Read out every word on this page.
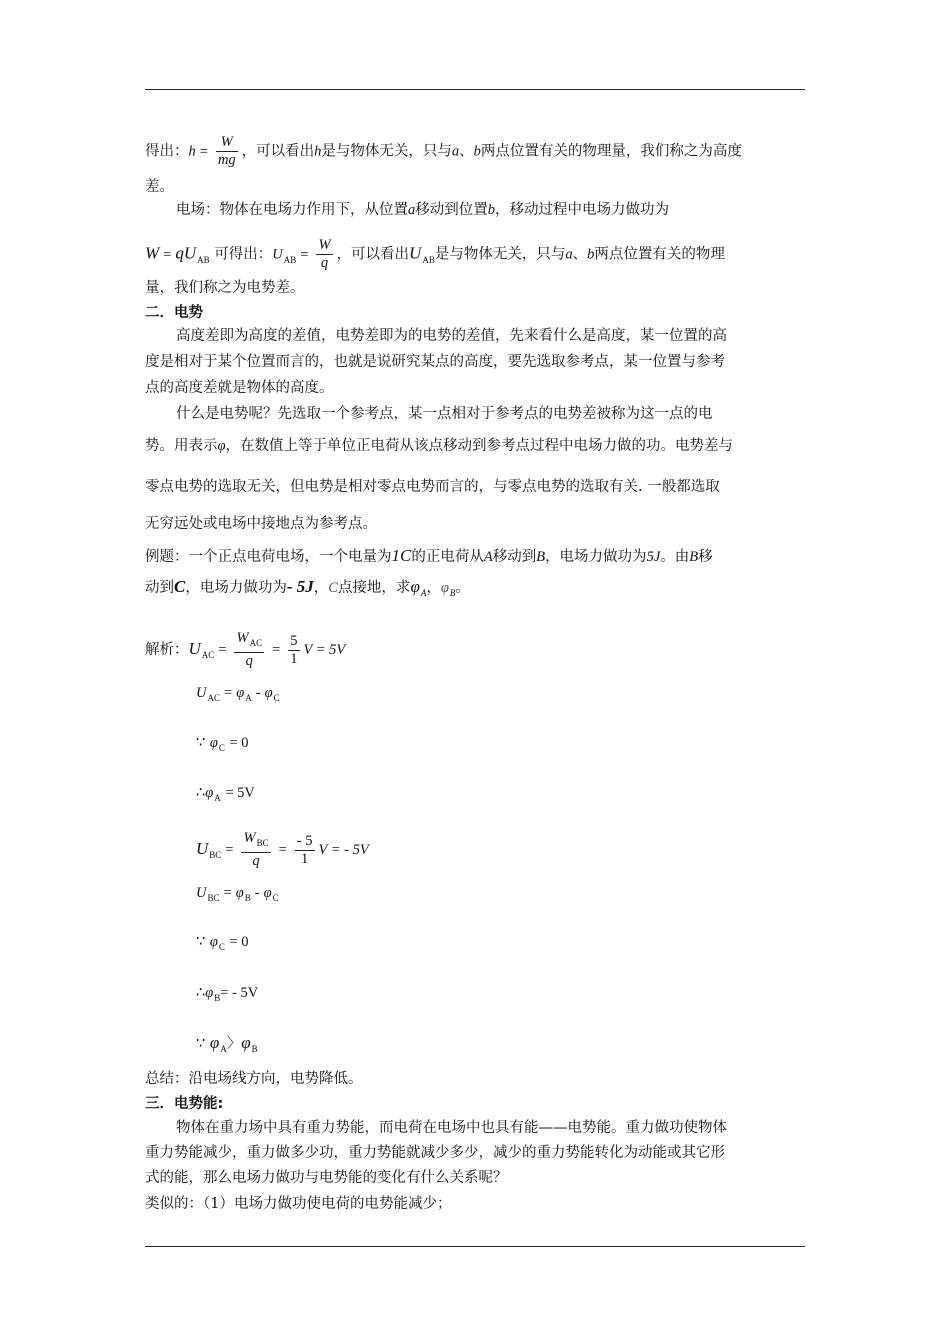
得出：$h = \frac{W}{mg}$ ，可以看出h是与物体无关，只与a、b两点位置有关的物理量，我们称之为高度
差。
电场：物体在电场力作用下，从位置a移动到位置b，移动过程中电场力做功为
$W = qU_{AB}$ 可得出：$U_{AB} = \frac{W}{q}$ ，可以看出$U_{AB}$是与物体无关，只与a、b两点位置有关的物理
量，我们称之为电势差。
二．电势
高度差即为高度的差值，电势差即为的电势的差值，先来看什么是高度，某一位置的高
度是相对于某个位置而言的，也就是说研究某点的高度，要先选取参考点，某一位置与参考
点的高度差就是物体的高度。
什么是电势呢？先选取一个参考点，某一点相对于参考点的电势差被称为这一点的电
势。用表示φ，在数值上等于单位正电荷从该点移动到参考点过程中电场力做的功。电势差与
零点电势的选取无关，但电势是相对零点电势而言的，与零点电势的选取有关. 一般都选取
无穷远处或电场中接地点为参考点。
例题：一个正点电荷电场，一个电量为1C的正电荷从A移动到B，电场力做功为5J。由B移
动到C，电场力做功为- 5J，C点接地，求$\varphi_A$，$\varphi_B$。
解析：$U_{AC}$ =
$W_{AC}$
q
= $\frac{5}{1}$ V = 5V
$U_{AC} = \varphi_A - \varphi_C$
∵ $\varphi_C = 0$
$\therefore\varphi_A = 5V$
$U_{BC}$ =
$W_{BC}$
q
= $\frac{- 5}{1}$ V = - 5V
$U_{BC} = \varphi_B - \varphi_C$
∵ $\varphi_C = 0$
$\therefore\varphi_B= - 5V$
∵ $\varphi_A$〉$\varphi_B$
总结：沿电场线方向，电势降低。
三．电势能:
物体在重力场中具有重力势能，而电荷在电场中也具有能——电势能。重力做功使物体
重力势能减少，重力做多少功，重力势能就减少多少，减少的重力势能转化为动能或其它形
式的能，那么电场力做功与电势能的变化有什么关系呢？
类似的：（1）电场力做功使电荷的电势能减少；
